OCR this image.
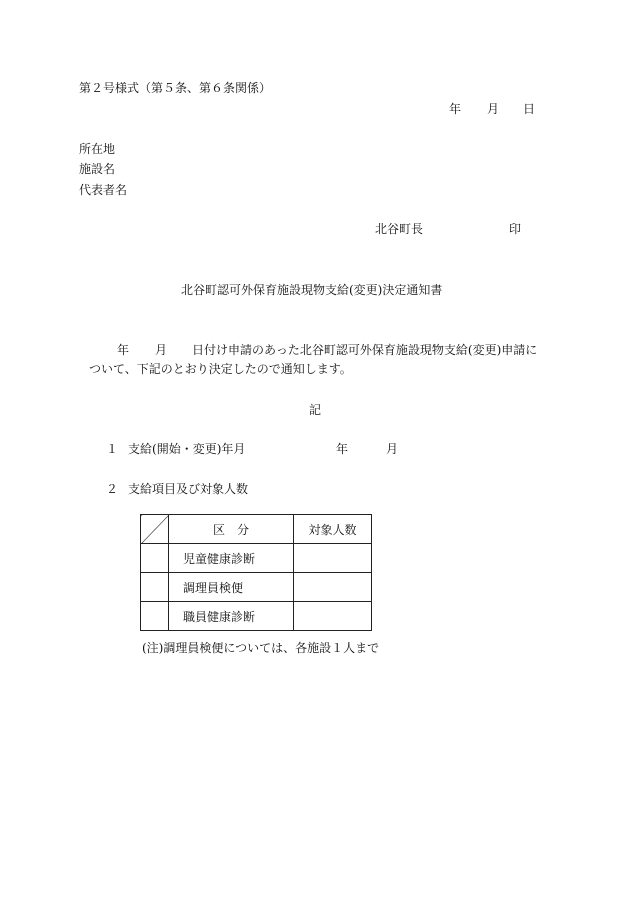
第２号様式（第５条、第６条関係）
年 月 日
所在地
施設名
代表者名
北谷町長	印
北谷町認可外保育施設現物支給(変更)決定通知書
年 月 日付け申請のあった北谷町認可外保育施設現物支給(変更)申請に
ついて、下記のとおり決定したので通知します。
記
１ 支給(開始・変更)年月	年	月
２ 支給項目及び対象人数
	区　分	対象人数
	児童健康診断	
	調理員検便	
	職員健康診断	
(注)調理員検便については、各施設１人まで
